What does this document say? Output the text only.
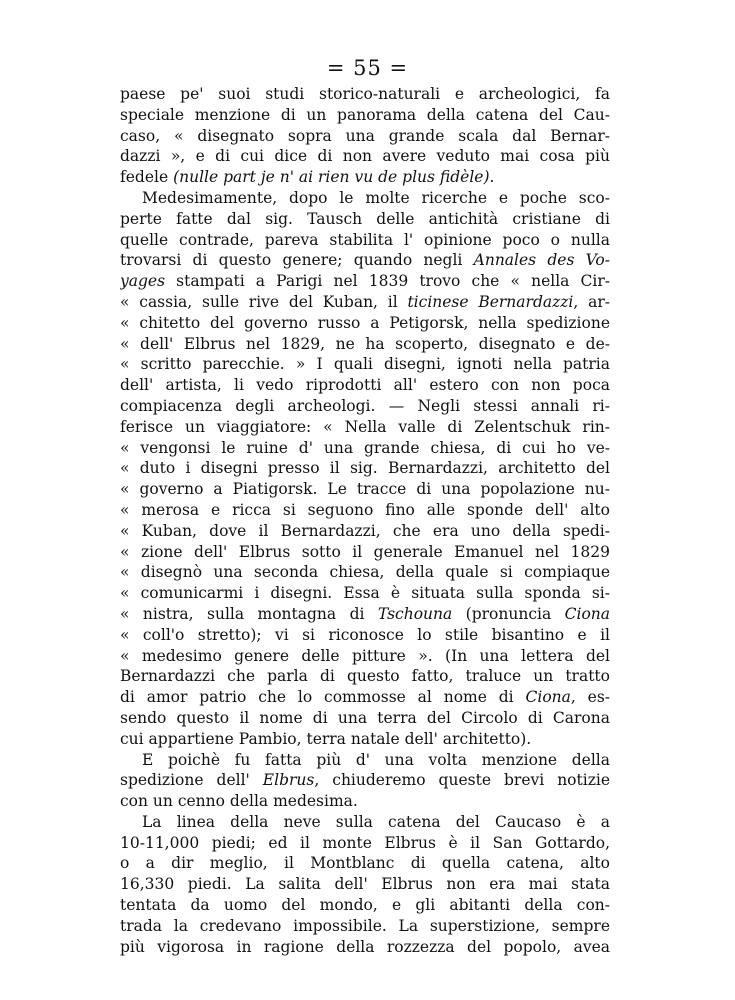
= 55 =
paese pe' suoi studi storico-naturali e archeologici, fa
speciale menzione di un panorama della catena del Cau-
caso, « disegnato sopra una grande scala dal Bernar-
dazzi », e di cui dice di non avere veduto mai cosa più
fedele (nulle part je n' ai rien vu de plus fidèle).
Medesimamente, dopo le molte ricerche e poche sco-
perte fatte dal sig. Tausch delle antichità cristiane di
quelle contrade, pareva stabilita l' opinione poco o nulla
trovarsi di questo genere; quando negli Annales des Vo-
yages stampati a Parigi nel 1839 trovo che « nella Cir-
« cassia, sulle rive del Kuban, il ticinese Bernardazzi, ar-
« chitetto del governo russo a Petigorsk, nella spedizione
« dell' Elbrus nel 1829, ne ha scoperto, disegnato e de-
« scritto parecchie. » I quali disegni, ignoti nella patria
dell' artista, li vedo riprodotti all' estero con non poca
compiacenza degli archeologi. — Negli stessi annali ri-
ferisce un viaggiatore: « Nella valle di Zelentschuk rin-
« vengonsi le ruine d' una grande chiesa, di cui ho ve-
« duto i disegni presso il sig. Bernardazzi, architetto del
« governo a Piatigorsk. Le tracce di una popolazione nu-
« merosa e ricca si seguono fino alle sponde dell' alto
« Kuban, dove il Bernardazzi, che era uno della spedi-
« zione dell' Elbrus sotto il generale Emanuel nel 1829
« disegnò una seconda chiesa, della quale si compiaque
« comunicarmi i disegni. Essa è situata sulla sponda si-
« nistra, sulla montagna di Tschouna (pronuncia Ciona
« coll'o stretto); vi si riconosce lo stile bisantino e il
« medesimo genere delle pitture ». (In una lettera del
Bernardazzi che parla di questo fatto, traluce un tratto
di amor patrio che lo commosse al nome di Ciona, es-
sendo questo il nome di una terra del Circolo di Carona
cui appartiene Pambio, terra natale dell' architetto).
E poichè fu fatta più d' una volta menzione della
spedizione dell' Elbrus, chiuderemo queste brevi notizie
con un cenno della medesima.
La linea della neve sulla catena del Caucaso è a
10-11,000 piedi; ed il monte Elbrus è il San Gottardo,
o a dir meglio, il Montblanc di quella catena, alto
16,330 piedi. La salita dell' Elbrus non era mai stata
tentata da uomo del mondo, e gli abitanti della con-
trada la credevano impossibile. La superstizione, sempre
più vigorosa in ragione della rozzezza del popolo, avea
